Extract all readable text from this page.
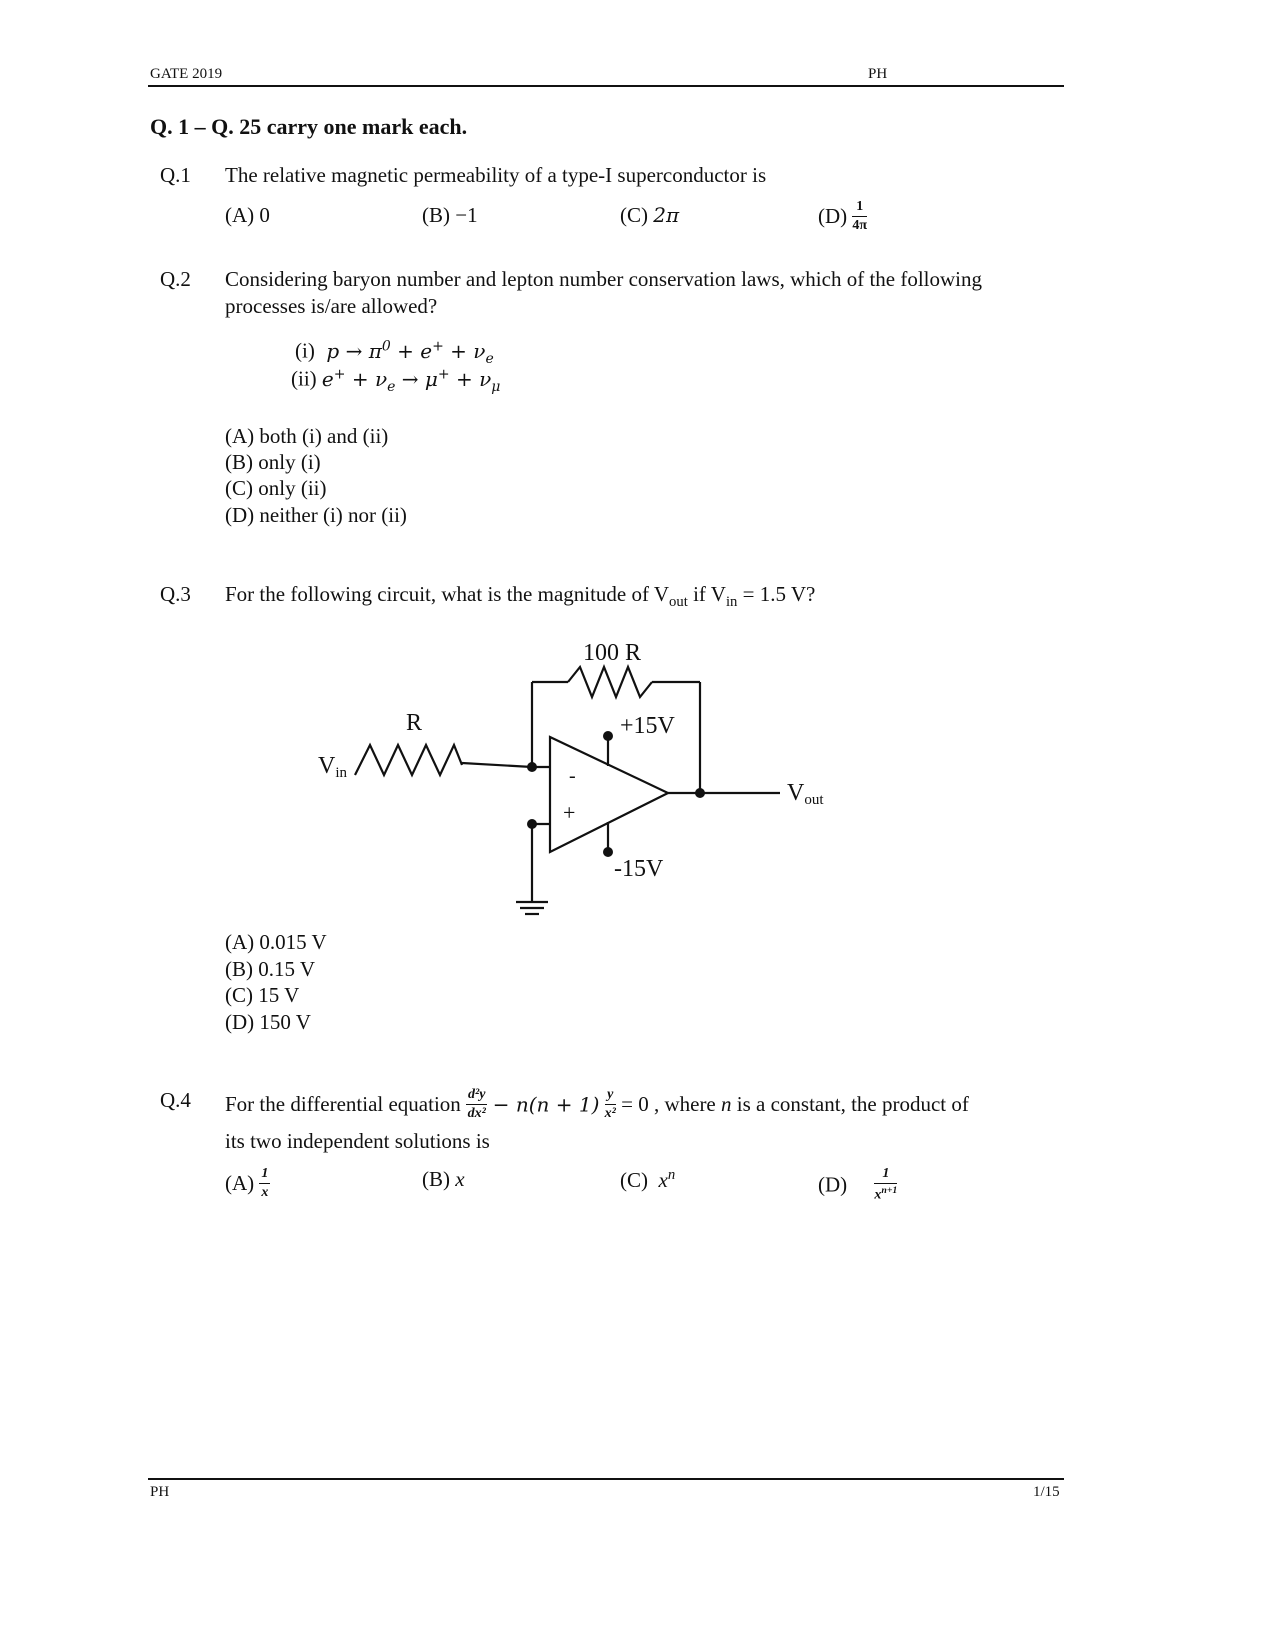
GATE 2019	PH
Q. 1 – Q. 25 carry one mark each.
Q.1 The relative magnetic permeability of a type-I superconductor is
(A) 0	(B) −1	(C) 2π	$(D) \frac{1}{4\pi}$
Q.2 Considering baryon number and lepton number conservation laws, which of the following
processes is/are allowed?
(i)  $p \to \pi^0 + e^+ + \nu_e$
(ii) $e^+ + \nu_e \to \mu^+ + \nu_\mu$
(A) both (i) and (ii)
(B) only (i)
(C) only (ii)
(D) neither (i) nor (ii)
Q.3 For the following circuit, what is the magnitude of $V_{out}$ if $V_{in} = 1.5$ V?
100 R
R	+15V
-15V
-
+
Vin
Vout
(A) 0.015 V
(B) 0.15 V
(C) 15 V
(D) 150 V
Q.4 For the differential equation $\frac{\text{d²y}}{\text{dx²}} - n(n + 1) \frac{y}{\text{x²}} = 0$ , where n is a constant, the product of
its two independent solutions is
$(A) \frac{1}{x}$	(B) x	(C) $x^n$	$(D) \frac{1}{x^{n+1}}$
PH	1/15
